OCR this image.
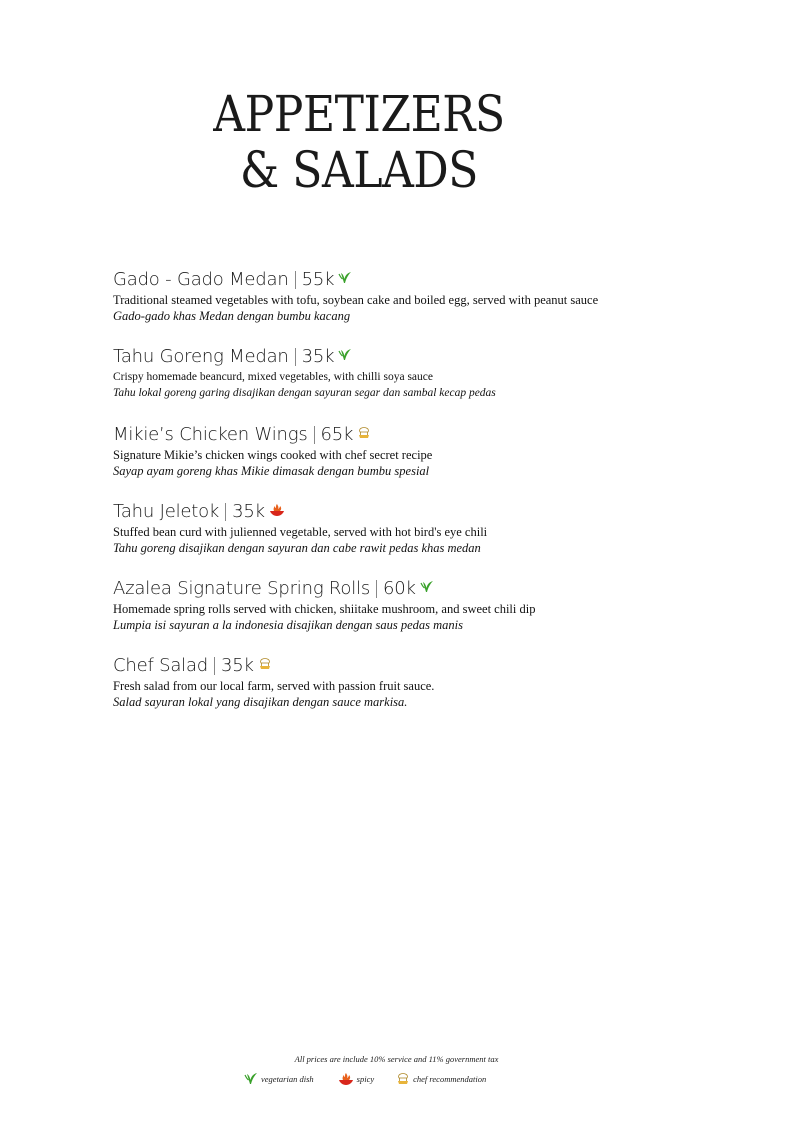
APPETIZERS
& SALADS
Gado - Gado Medan 55k
Traditional steamed vegetables with tofu, soybean cake and boiled egg, served with peanut sauce
Gado-gado khas Medan dengan bumbu kacang
Tahu Goreng Medan 35k
Crispy homemade beancurd, mixed vegetables, with chilli soya sauce
Tahu lokal goreng garing disajikan dengan sayuran segar dan sambal kecap pedas
Mikie’s Chicken Wings 65k
Signature Mikie’s chicken wings cooked with chef secret recipe
Sayap ayam goreng khas Mikie dimasak dengan bumbu spesial
Tahu Jeletok 35k
Stuffed bean curd with julienned vegetable, served with hot bird's eye chili
Tahu goreng disajikan dengan sayuran dan cabe rawit pedas khas medan
Azalea Signature Spring Rolls 60k
Homemade spring rolls served with chicken, shiitake mushroom, and sweet chili dip
Lumpia isi sayuran a la indonesia disajikan dengan saus pedas manis
Chef Salad 35k
Fresh salad from our local farm, served with passion fruit sauce.
Salad sayuran lokal yang disajikan dengan sauce markisa.
All prices are include 10% service and 11% government tax
vegetarian dish	spicy	chef recommendation
